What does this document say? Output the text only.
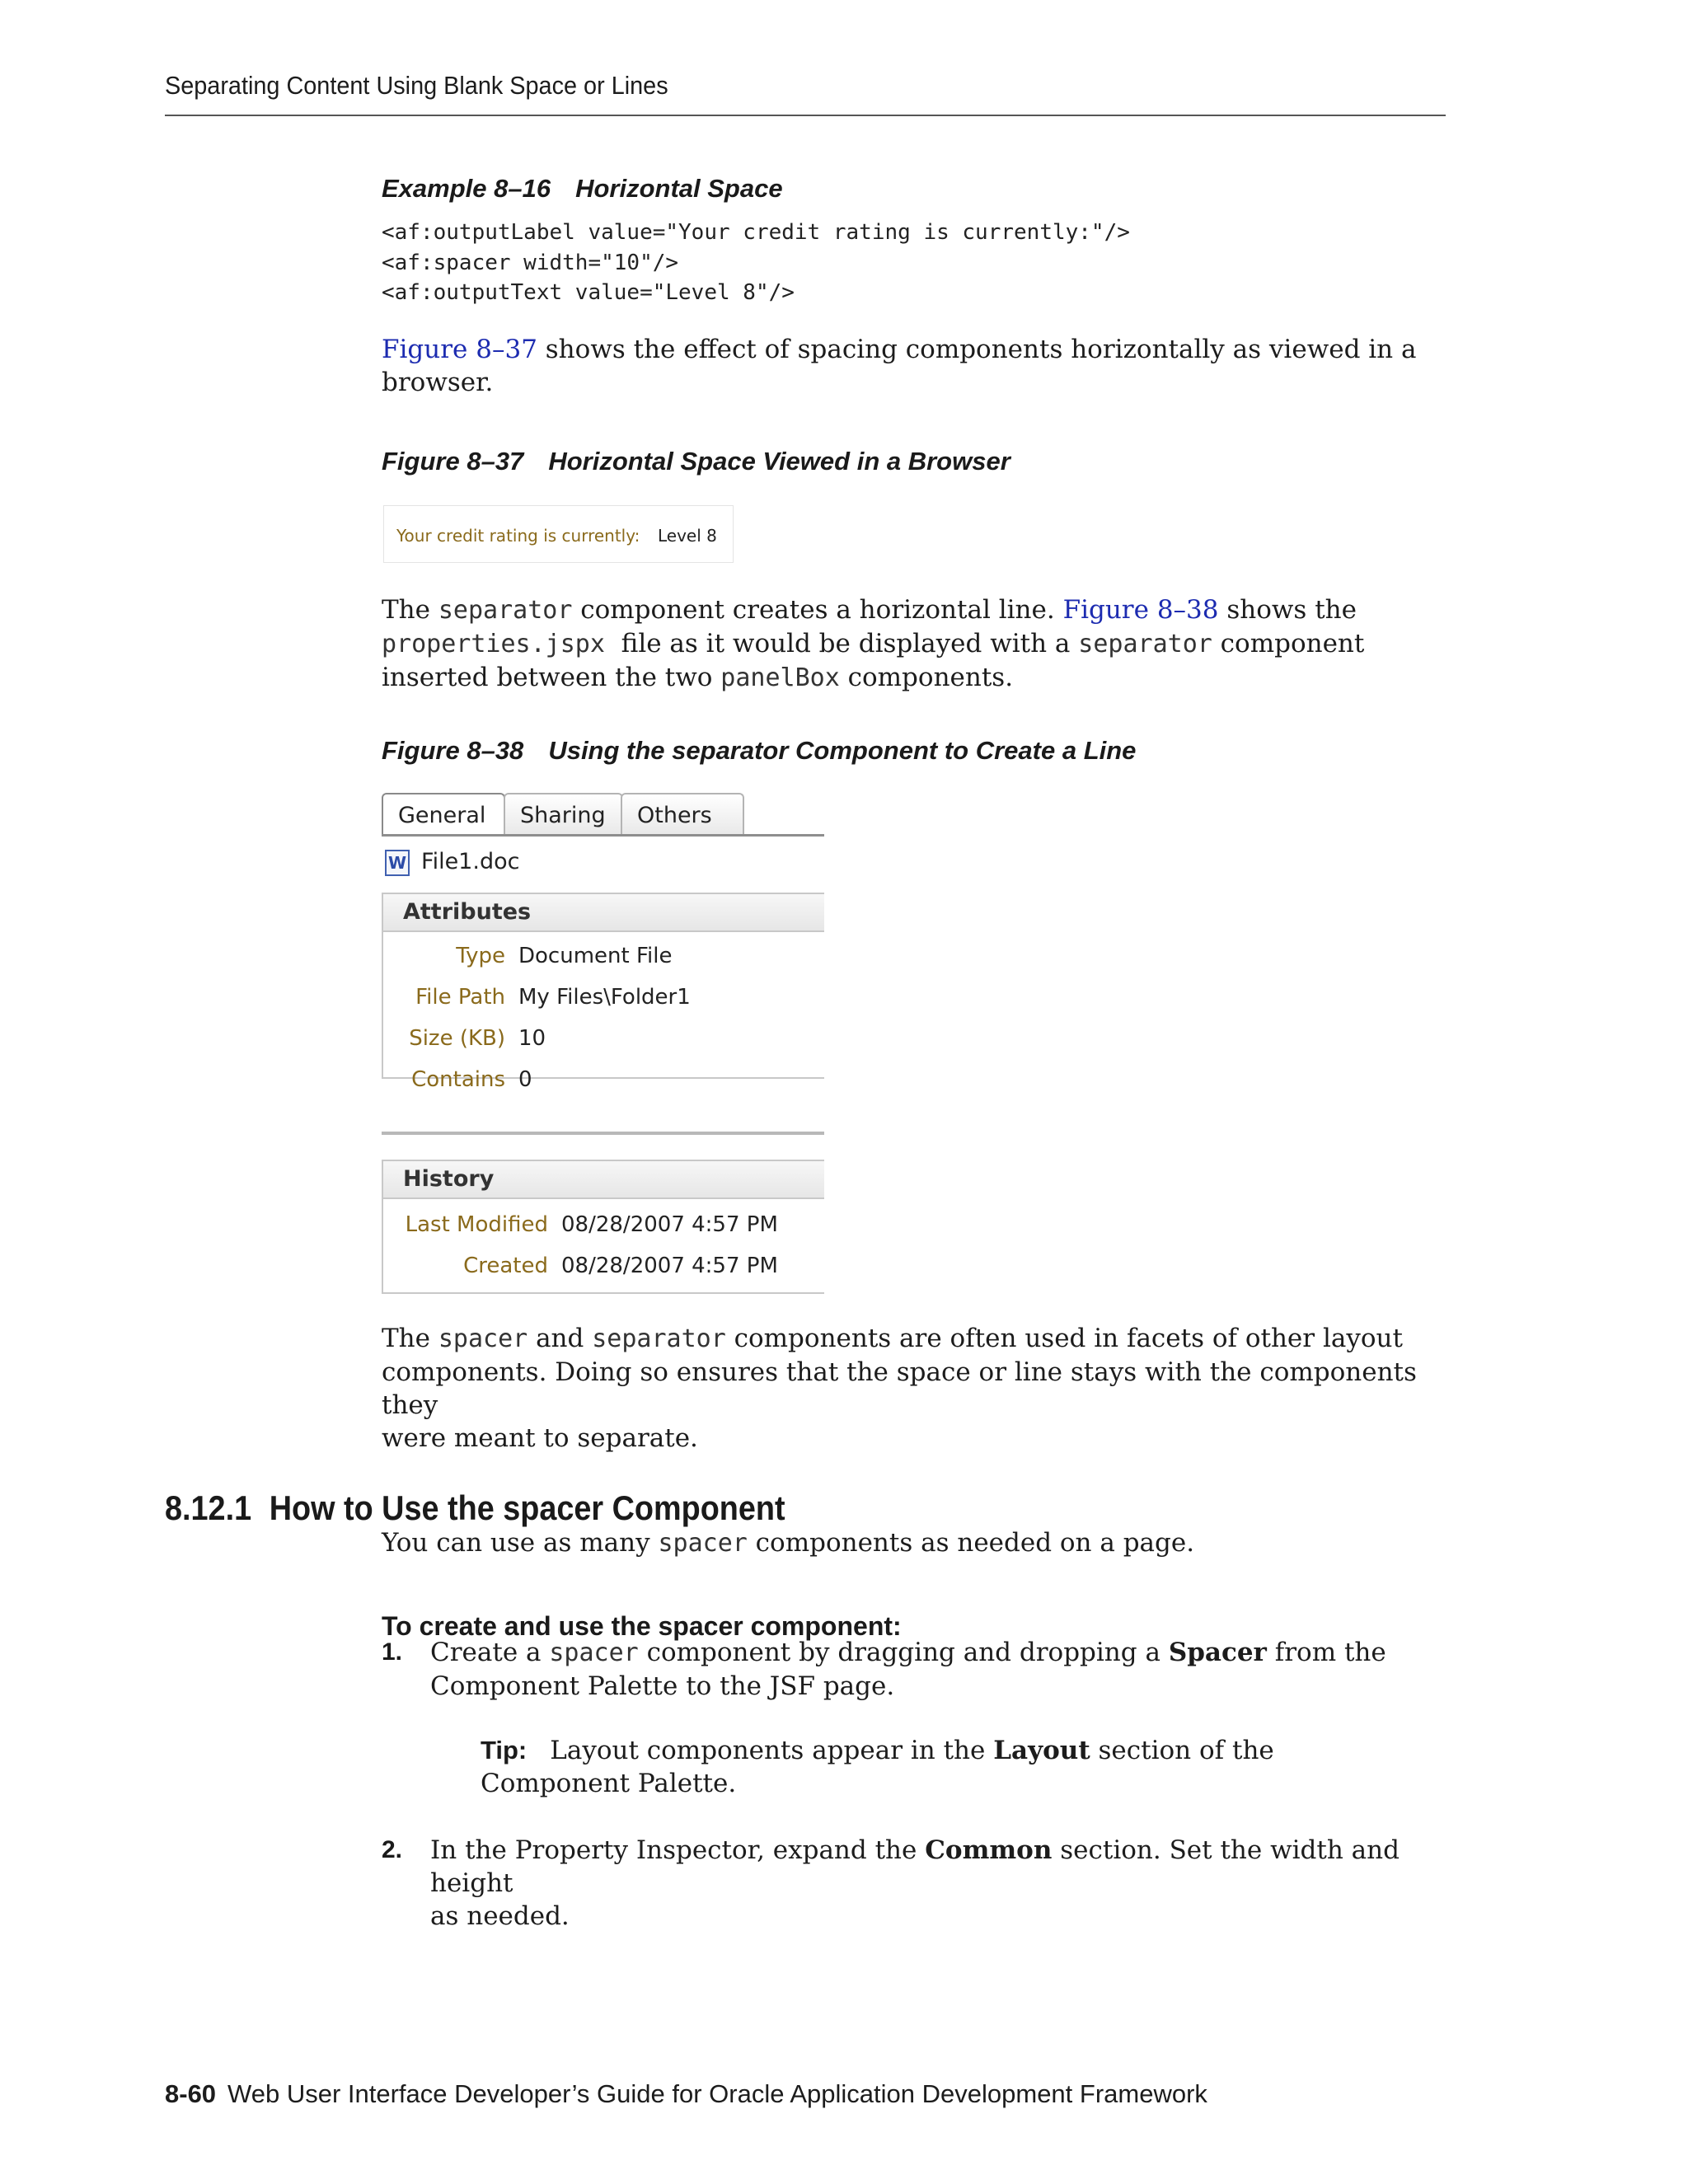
Separating Content Using Blank Space or Lines
Example 8–16 Horizontal Space
<af:outputLabel value="Your credit rating is currently:"/>
<af:spacer width="10"/>
<af:outputText value="Level 8"/>

Figure 8–37 shows the effect of spacing components horizontally as viewed in a browser.

Figure 8–37 Horizontal Space Viewed in a Browser
Your credit rating is currently: Level 8

The separator component creates a horizontal line. Figure 8–38 shows the

properties.jspx  file as it would be displayed with a separator component

inserted between the two panelBox components.

Figure 8–38 Using the separator Component to Create a Line
General	Sharing	Others
W File1.doc
Attributes
Type Document File
File Path My Files\Folder1
Size (KB) 10
Contains 0
History
Last Modified 08/28/2007 4:57 PM
Created 08/28/2007 4:57 PM

The spacer and separator components are often used in facets of other layout

components. Doing so ensures that the space or line stays with the components they

were meant to separate.

8.12.1 How to Use the spacer Component

You can use as many spacer components as needed on a page.

To create and use the spacer component:
1. Create a spacer component by dragging and dropping a Spacer from the

Component Palette to the JSF page.

Tip: Layout components appear in the Layout section of the

Component Palette.

2. In the Property Inspector, expand the Common section. Set the width and height

as needed.

8-60 Web User Interface Developer’s Guide for Oracle Application Development Framework
